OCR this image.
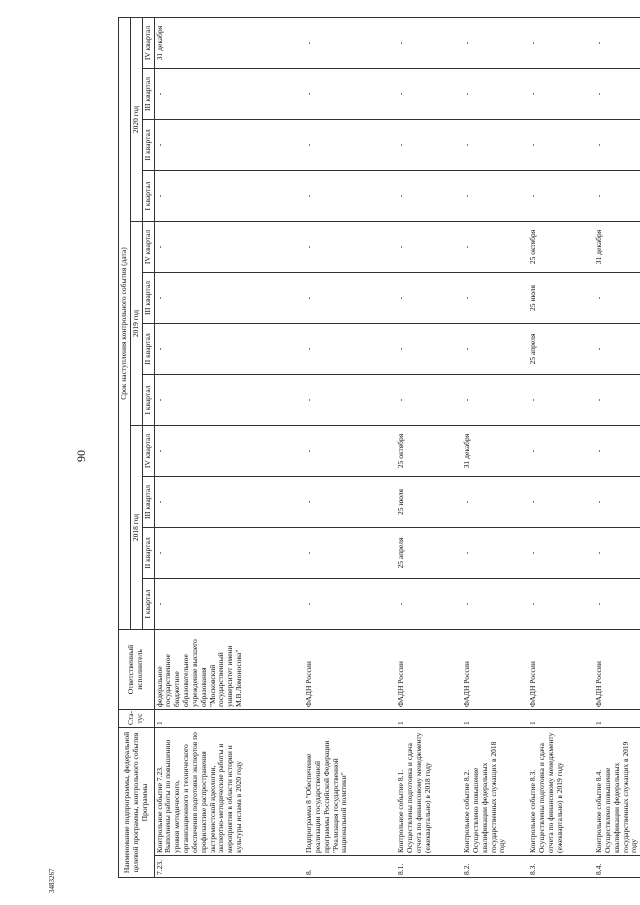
90
3483267
Наименование подпрограммы, федеральной целевой программы, контрольного события Программы		Ста-тус	Ответственный исполнитель	Срок наступления контрольного события (дата)											
				2018 год				2019 год				2020 год			
				I квартал	II квартал	III квартал	IV квартал	I квартал	II квартал	III квартал	IV квартал	I квартал	II квартал	III квартал	IV квартал
7.23.	Контрольное событие 7.23. Выполнены работы по повышению уровня методического, организационного и технического обеспечения подготовки экспертов по профилактике распространения экстремистской идеологии, экспертно-методические работы и мероприятия в области истории и культуры ислама в 2020 году	1	федеральное государственное бюджетное образовательное учреждение высшего образования "Московский государственный университет имени М.В.Ломоносова"	-	-	-	-	-	-	-	-	-	-	-	31 декабря
8.	Подпрограмма 8 "Обеспечение реализации государственной программы Российской Федерации "Реализация государственной национальной политики"		ФАДН России	-	-	-	-	-	-	-	-	-	-	-	-
8.1.	Контрольное событие 8.1. Осуществлены подготовка и сдача отчета по финансовому менеджменту (ежеквартально) в 2018 году	1	ФАДН России	-	25 апреля	25 июля	25 октября	-	-	-	-	-	-	-	-
8.2.	Контрольное событие 8.2. Осуществлено повышение квалификации федеральных государственных служащих в 2018 году	1	ФАДН России	-	-	-	31 декабря	-	-	-	-	-	-	-	-
8.3.	Контрольное событие 8.3. Осуществлены подготовка и сдача отчета по финансовому менеджменту (ежеквартально) в 2019 году	1	ФАДН России	-	-	-	-	-	25 апреля	25 июля	25 октября	-	-	-	-
8.4.	Контрольное событие 8.4. Осуществлено повышение квалификации федеральных государственных служащих в 2019 году	1	ФАДН России	-	-	-	-	-	-	-	31 декабря	-	-	-	-
